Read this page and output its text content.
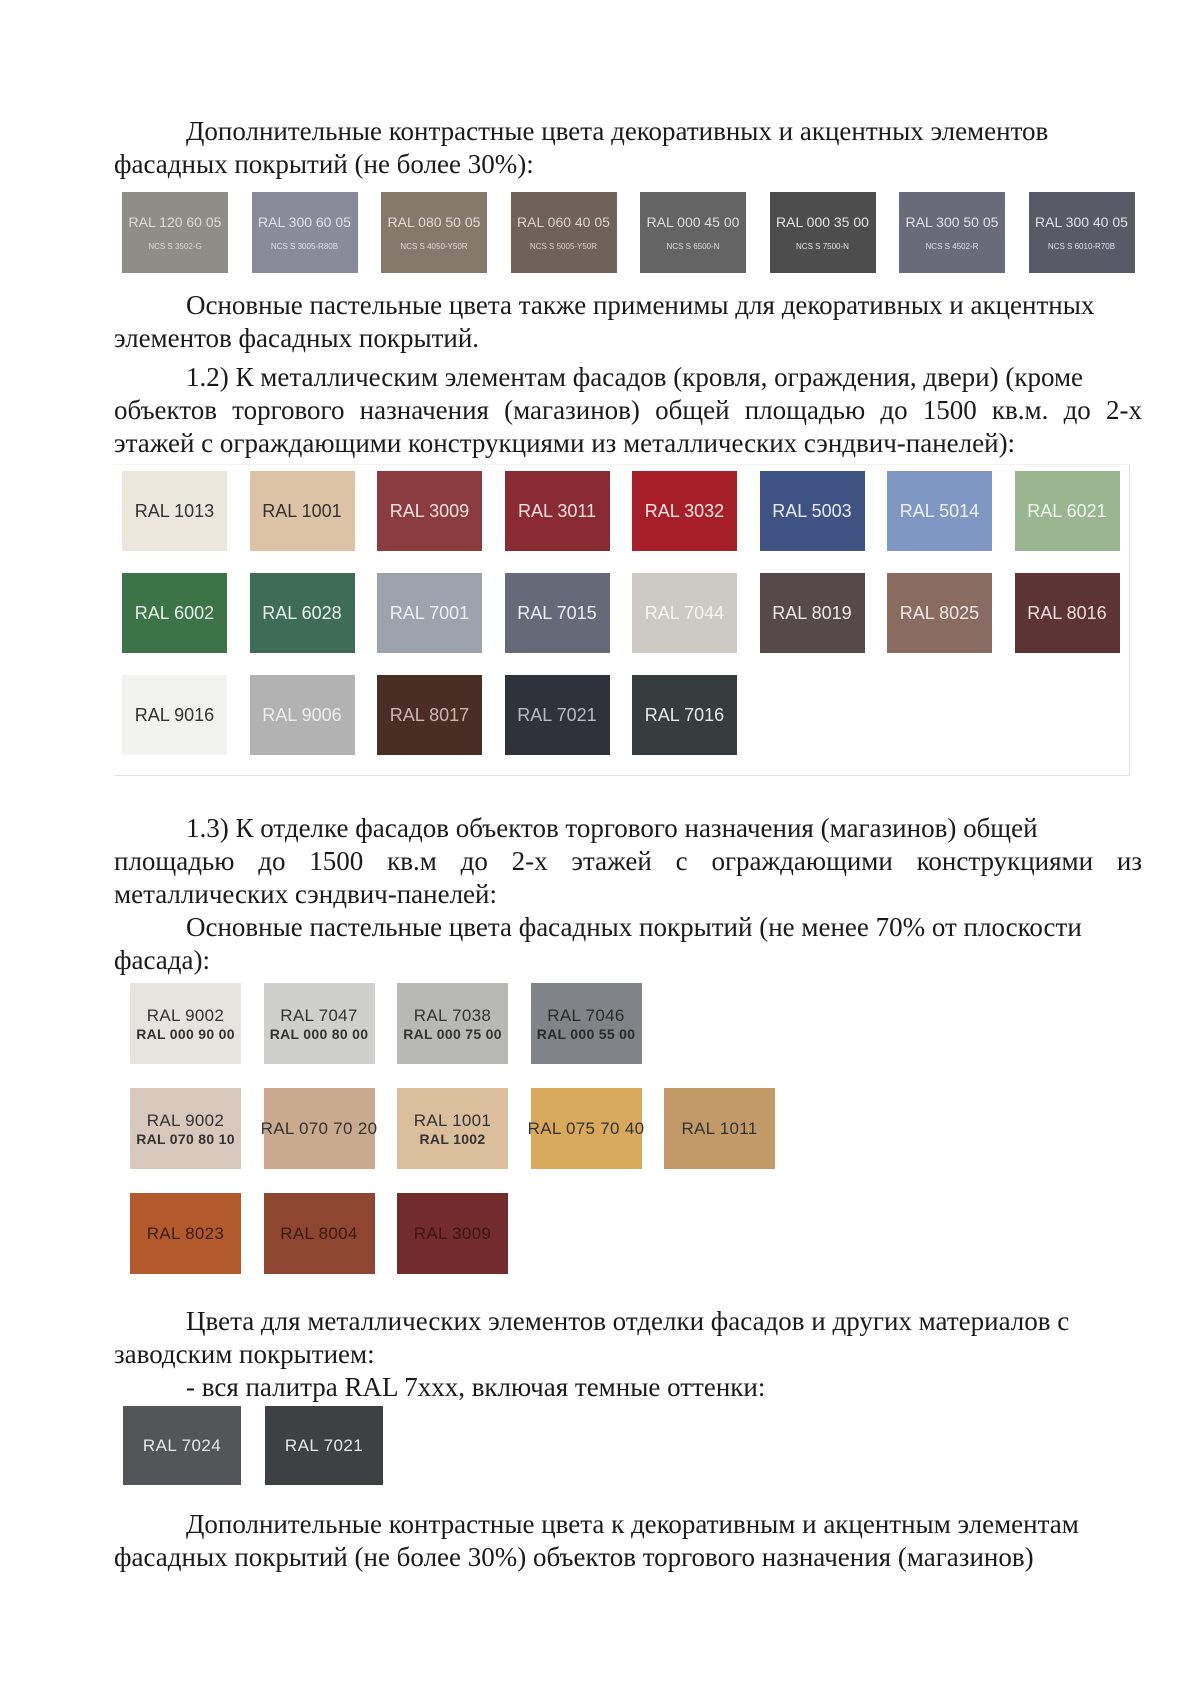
Дополнительные контрастные цвета декоративных и акцентных элементов
фасадных покрытий (не более 30%):

RAL 120 60 05
NCS S 3502-G
RAL 300 60 05
NCS S 3005-R80B
RAL 080 50 05
NCS S 4050-Y50R
RAL 060 40 05
NCS S 5005-Y50R
RAL 000 45 00
NCS S 6500-N
RAL 000 35 00
NCS S 7500-N
RAL 300 50 05
NCS S 4502-R
RAL 300 40 05
NCS S 6010-R70B

Основные пастельные цвета также применимы для декоративных и акцентных
элементов фасадных покрытий.

1.2) К металлическим элементам фасадов (кровля, ограждения, двери) (кроме
объектов торгового назначения (магазинов) общей площадью до 1500 кв.м. до 2-х этажей с ограждающими конструкциями из металлических сэндвич-панелей):

RAL 1013	RAL 1001	RAL 3009	RAL 3011	RAL 3032	RAL 5003	RAL 5014	RAL 6021
RAL 6002	RAL 6028	RAL 7001	RAL 7015	RAL 7044	RAL 8019	RAL 8025	RAL 8016
RAL 9016	RAL 9006	RAL 8017	RAL 7021	RAL 7016

1.3) К отделке фасадов объектов торгового назначения (магазинов) общей
площадью до 1500 кв.м до 2-х этажей с ограждающими конструкциями из металлических сэндвич-панелей:

Основные пастельные цвета фасадных покрытий (не менее 70% от плоскости
фасада):

RAL 9002
RAL 000 90 00
RAL 7047
RAL 000 80 00
RAL 7038
RAL 000 75 00
RAL 7046
RAL 000 55 00
RAL 9002
RAL 070 80 10
RAL 070 70 20 RAL 1001
RAL 1002
RAL 075 70 40 RAL 1011
RAL 8023	RAL 8004	RAL 3009

Цвета для металлических элементов отделки фасадов и других материалов с
заводским покрытием:

- вся палитра RAL 7xxx, включая темные оттенки:

RAL 7024	RAL 7021

Дополнительные контрастные цвета к декоративным и акцентным элементам
фасадных покрытий (не более 30%) объектов торгового назначения (магазинов)
